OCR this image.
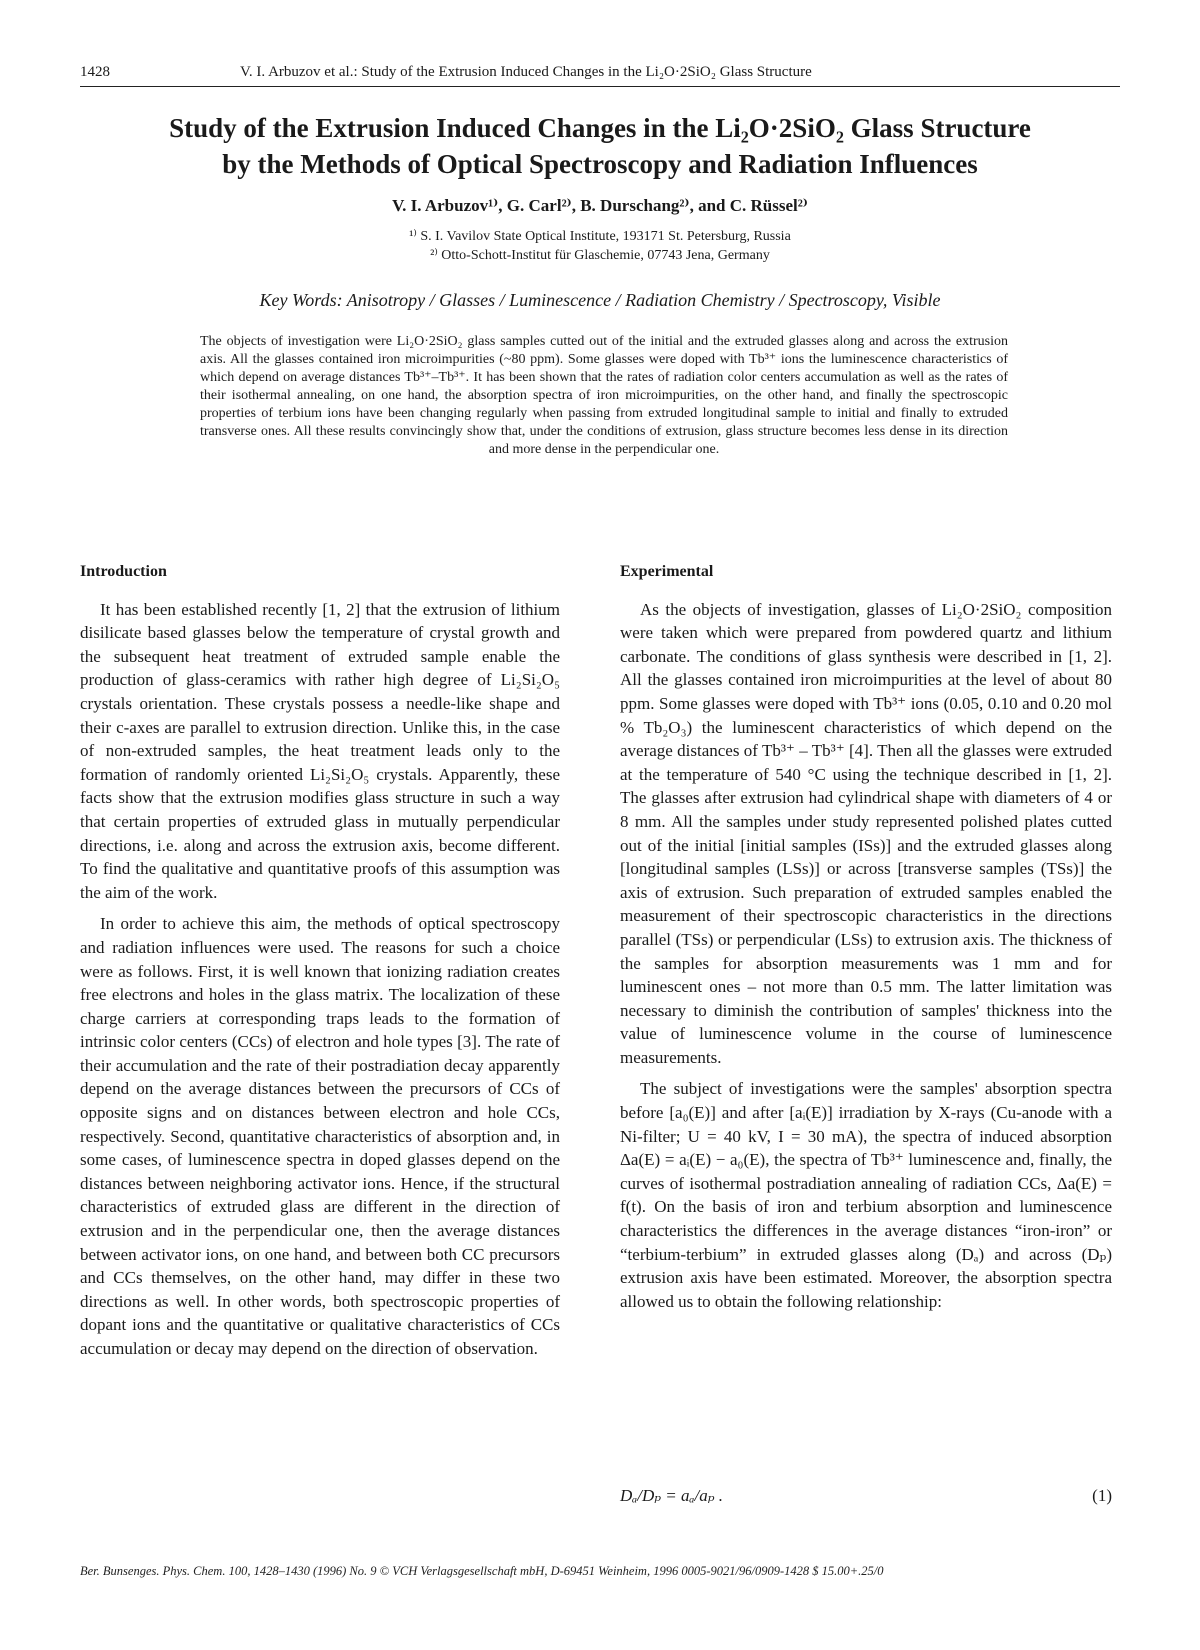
1428	V. I. Arbuzov et al.: Study of the Extrusion Induced Changes in the Li₂O·2SiO₂ Glass Structure
Study of the Extrusion Induced Changes in the Li₂O·2SiO₂ Glass Structure
by the Methods of Optical Spectroscopy and Radiation Influences
V. I. Arbuzov¹⁾, G. Carl²⁾, B. Durschang²⁾, and C. Rüssel²⁾
¹⁾ S. I. Vavilov State Optical Institute, 193171 St. Petersburg, Russia
²⁾ Otto-Schott-Institut für Glaschemie, 07743 Jena, Germany
Key Words: Anisotropy / Glasses / Luminescence / Radiation Chemistry / Spectroscopy, Visible
The objects of investigation were Li₂O·2SiO₂ glass samples cutted out of the initial and the extruded glasses along and across the extrusion axis. All the glasses contained iron microimpurities (~80 ppm). Some glasses were doped with Tb³⁺ ions the luminescence characteristics of which depend on average distances Tb³⁺–Tb³⁺. It has been shown that the rates of radiation color centers accumulation as well as the rates of their isothermal annealing, on one hand, the absorption spectra of iron microimpurities, on the other hand, and finally the spectroscopic properties of terbium ions have been changing regularly when passing from extruded longitudinal sample to initial and finally to extruded transverse ones. All these results convincingly show that, under the conditions of extrusion, glass structure becomes less dense in its direction and more dense in the perpendicular one.
Introduction

It has been established recently [1, 2] that the extrusion of lithium disilicate based glasses below the temperature of crystal growth and the subsequent heat treatment of extruded sample enable the production of glass-ceramics with rather high degree of Li₂Si₂O₅ crystals orientation. These crystals possess a needle-like shape and their c-axes are parallel to extrusion direction. Unlike this, in the case of non-extruded samples, the heat treatment leads only to the formation of randomly oriented Li₂Si₂O₅ crystals. Apparently, these facts show that the extrusion modifies glass structure in such a way that certain properties of extruded glass in mutually perpendicular directions, i.e. along and across the extrusion axis, become different. To find the qualitative and quantitative proofs of this assumption was the aim of the work.

In order to achieve this aim, the methods of optical spectroscopy and radiation influences were used. The reasons for such a choice were as follows. First, it is well known that ionizing radiation creates free electrons and holes in the glass matrix. The localization of these charge carriers at corresponding traps leads to the formation of intrinsic color centers (CCs) of electron and hole types [3]. The rate of their accumulation and the rate of their postradiation decay apparently depend on the average distances between the precursors of CCs of opposite signs and on distances between electron and hole CCs, respectively. Second, quantitative characteristics of absorption and, in some cases, of luminescence spectra in doped glasses depend on the distances between neighboring activator ions. Hence, if the structural characteristics of extruded glass are different in the direction of extrusion and in the perpendicular one, then the average distances between activator ions, on one hand, and between both CC precursors and CCs themselves, on the other hand, may differ in these two directions as well. In other words, both spectroscopic properties of dopant ions and the quantitative or qualitative characteristics of CCs accumulation or decay may depend on the direction of observation.

Experimental

As the objects of investigation, glasses of Li₂O·2SiO₂ composition were taken which were prepared from powdered quartz and lithium carbonate. The conditions of glass synthesis were described in [1, 2]. All the glasses contained iron microimpurities at the level of about 80 ppm. Some glasses were doped with Tb³⁺ ions (0.05, 0.10 and 0.20 mol % Tb₂O₃) the luminescent characteristics of which depend on the average distances of Tb³⁺ – Tb³⁺ [4]. Then all the glasses were extruded at the temperature of 540 °C using the technique described in [1, 2]. The glasses after extrusion had cylindrical shape with diameters of 4 or 8 mm. All the samples under study represented polished plates cutted out of the initial [initial samples (ISs)] and the extruded glasses along [longitudinal samples (LSs)] or across [transverse samples (TSs)] the axis of extrusion. Such preparation of extruded samples enabled the measurement of their spectroscopic characteristics in the directions parallel (TSs) or perpendicular (LSs) to extrusion axis. The thickness of the samples for absorption measurements was 1 mm and for luminescent ones – not more than 0.5 mm. The latter limitation was necessary to diminish the contribution of samples' thickness into the value of luminescence volume in the course of luminescence measurements.

The subject of investigations were the samples' absorption spectra before [a₀(E)] and after [aᵢ(E)] irradiation by X-rays (Cu-anode with a Ni-filter; U = 40 kV, I = 30 mA), the spectra of induced absorption Δa(E) = aᵢ(E) − a₀(E), the spectra of Tb³⁺ luminescence and, finally, the curves of isothermal postradiation annealing of radiation CCs, Δa(E) = f(t). On the basis of iron and terbium absorption and luminescence characteristics the differences in the average distances “iron-iron” or “terbium-terbium” in extruded glasses along (Dₐ) and across (Dₚ) extrusion axis have been estimated. Moreover, the absorption spectra allowed us to obtain the following relationship:

Dₐ/Dₚ = aₐ/aₚ .	(1)
Ber. Bunsenges. Phys. Chem. 100, 1428–1430 (1996) No. 9 © VCH Verlagsgesellschaft mbH, D-69451 Weinheim, 1996 0005-9021/96/0909-1428 $ 15.00+.25/0
